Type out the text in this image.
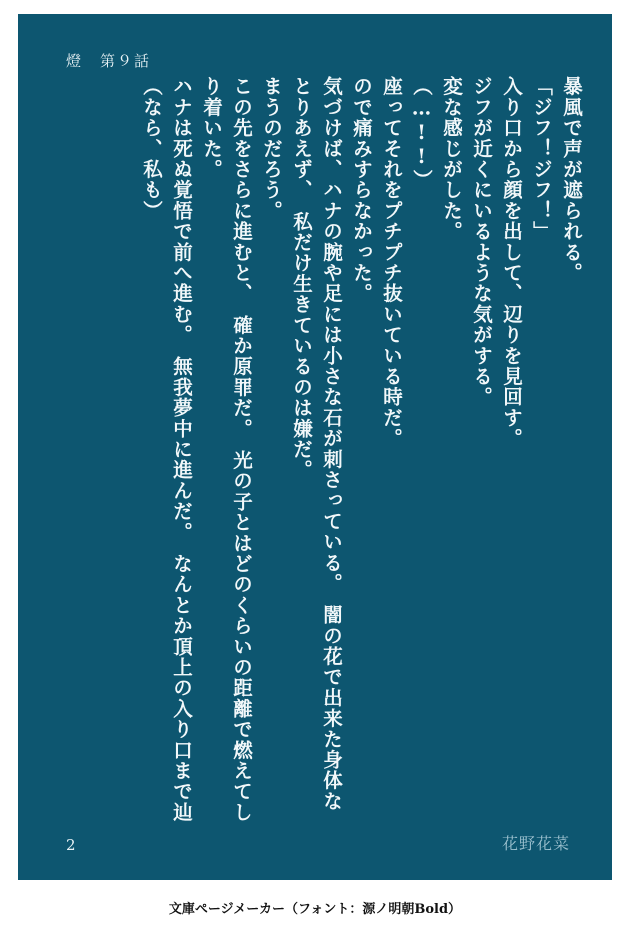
燈　第９話
（なら、私も） ハナは死ぬ覚悟で前へ進む。　無我夢中に進んだ。　なんとか頂上の入り口まで辿 り着いた。 この先をさらに進むと、　確か原罪だ。　光の子とはどのくらいの距離で燃えてし まうのだろう。 とりあえず、　私だけ生きているのは嫌だ。 気づけば、ハナの腕や足には小さな石が刺さっている。　闇の花で出来た身体な ので痛みすらなかった。 座ってそれをプチプチ抜いている時だ。 （…!!） 変な感じがした。 ジフが近くにいるような気がする。 入り口から顔を出して、辺りを見回す。 「ジフ！ジフ！」 暴風で声が遮られる。
2	花野花菜
文庫ページメーカー（フォント：源ノ明朝Bold）
